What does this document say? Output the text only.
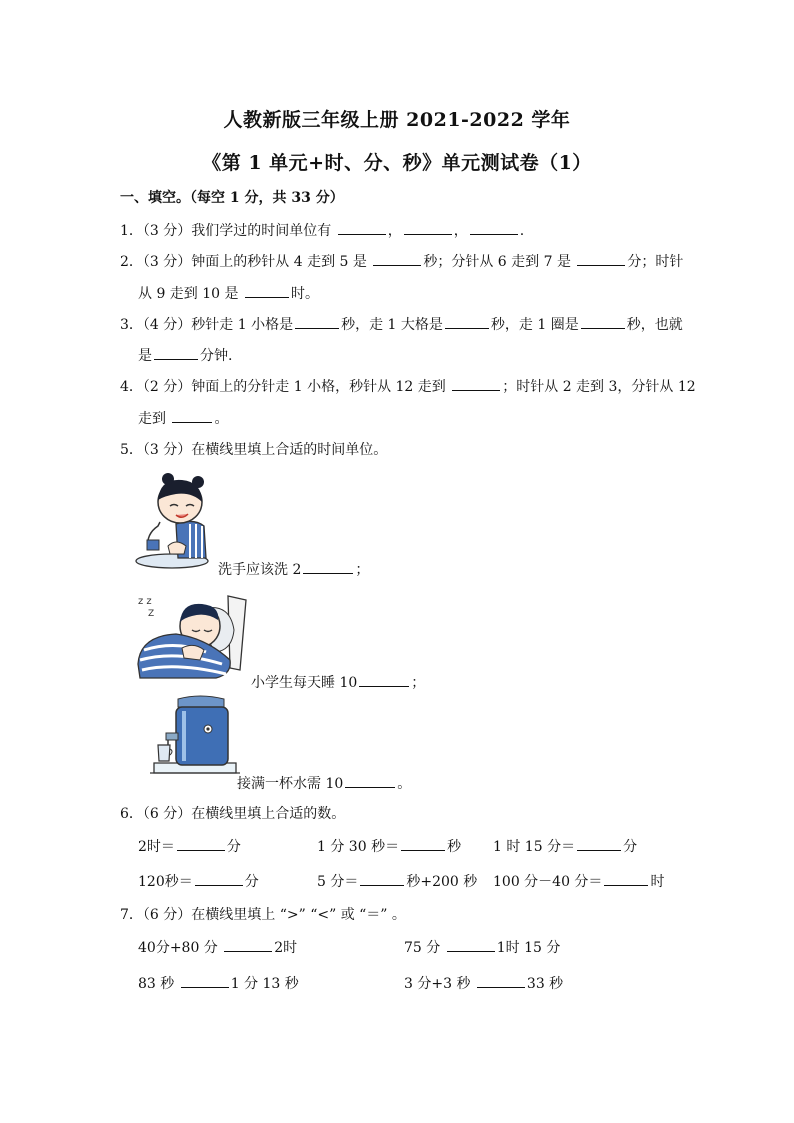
人教新版三年级上册 2021-2022 学年
《第 1 单元+时、分、秒》单元测试卷（1）
一、填空。（每空 1 分，共 33 分）
1．（3 分）我们学过的时间单位有	，	，	.
2．（3 分）钟面上的秒针从 4 走到 5 是	秒；分针从 6 走到 7 是	分；时针
从 9 走到 10 是	时。
3．（4 分）秒针走 1 小格是	秒，走 1 大格是	秒，走 1 圈是	秒，也就
是	分钟.
4．（2 分）钟面上的分针走 1 小格，秒针从 12 走到	；时针从 2 走到 3，分针从 12
走到	。
5．（3 分）在横线里填上合适的时间单位。
洗手应该洗 2	；
z z
Z
小学生每天睡 10	；
接满一杯水需 10	。
6．（6 分）在横线里填上合适的数。
2时＝	分	1 分 30 秒＝	秒 1 时 15 分＝	分
120秒＝	分	5 分＝	秒+200 秒 100 分－40 分＝	时
7．（6 分）在横线里填上 “>” “<” 或 “＝” 。
40分+80 分	2时	75 分	1时 15 分
83 秒	1 分 13 秒	3 分+3 秒	33 秒
